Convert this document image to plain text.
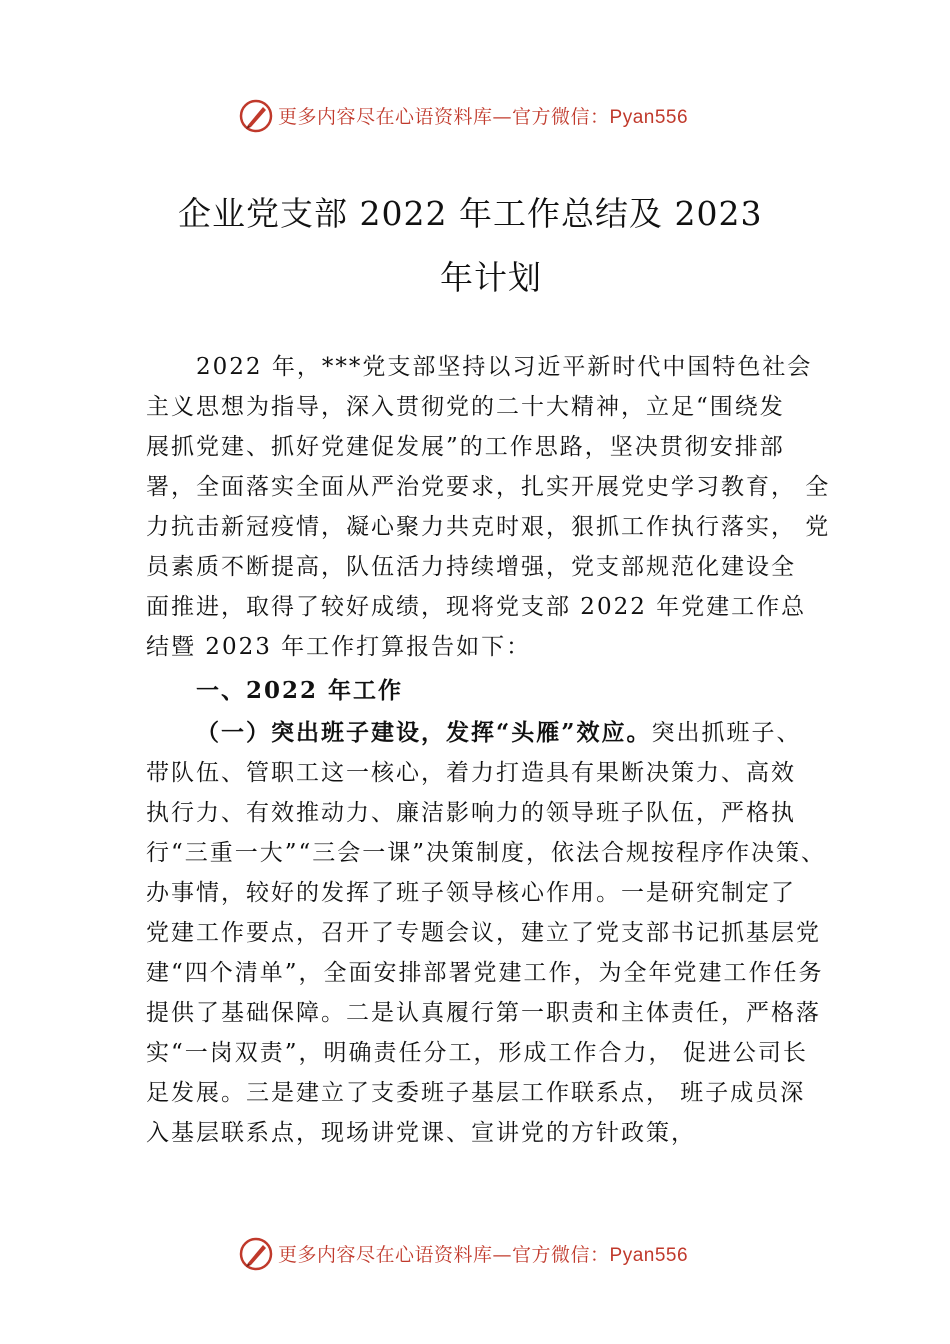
更多内容尽在心语资料库—官方微信：Pyan556
企业党支部 2022 年工作总结及 2023
年计划
2022 年，***党支部坚持以习近平新时代中国特色社会
主义思想为指导，深入贯彻党的二十大精神，立足“围绕发
展抓党建、抓好党建促发展”的工作思路，坚决贯彻安排部
署，全面落实全面从严治党要求，扎实开展党史学习教育， 全
力抗击新冠疫情，凝心聚力共克时艰，狠抓工作执行落实， 党
员素质不断提高，队伍活力持续增强，党支部规范化建设全
面推进，取得了较好成绩，现将党支部 2022 年党建工作总
结暨 2023 年工作打算报告如下：
一、2022 年工作
（一）突出班子建设，发挥“头雁”效应。突出抓班子、
带队伍、管职工这一核心，着力打造具有果断决策力、高效
执行力、有效推动力、廉洁影响力的领导班子队伍，严格执
行“三重一大”“三会一课”决策制度，依法合规按程序作决策、
办事情，较好的发挥了班子领导核心作用。一是研究制定了
党建工作要点，召开了专题会议，建立了党支部书记抓基层党
建“四个清单”，全面安排部署党建工作，为全年党建工作任务
提供了基础保障。二是认真履行第一职责和主体责任，严格落
实“一岗双责”，明确责任分工，形成工作合力， 促进公司长
足发展。三是建立了支委班子基层工作联系点， 班子成员深
入基层联系点，现场讲党课、宣讲党的方针政策，
更多内容尽在心语资料库—官方微信：Pyan556
